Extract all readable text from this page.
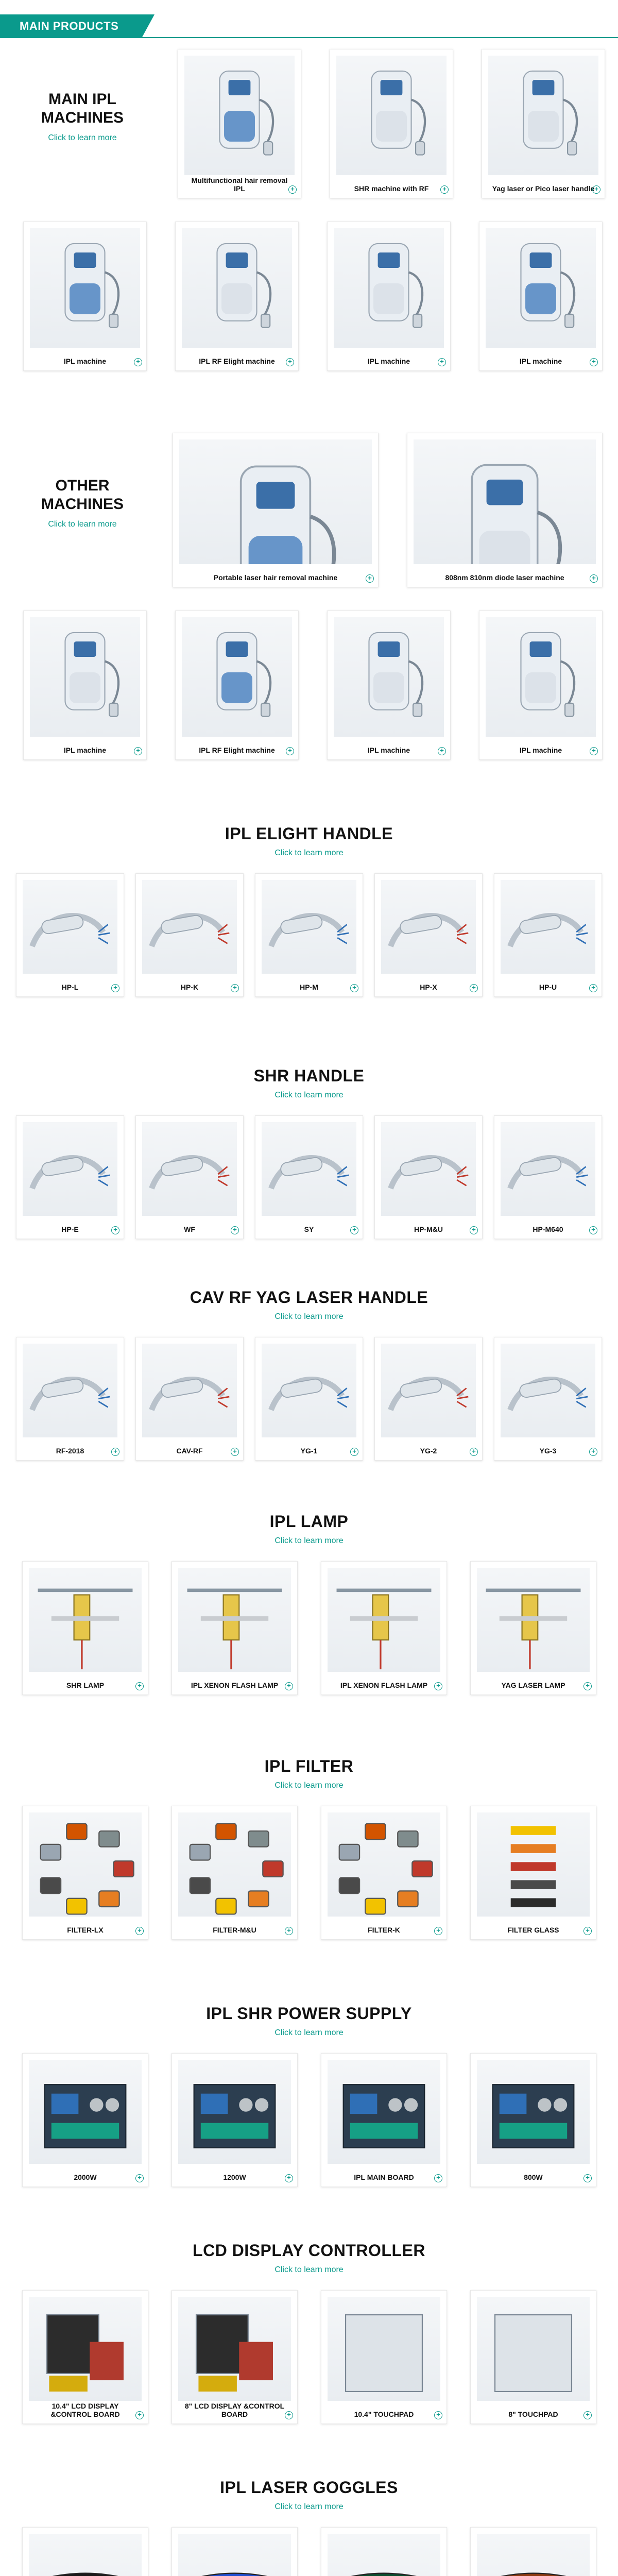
MAIN PRODUCTS
MAIN IPL
MACHINES
Click to learn more
Multifunctional hair removal IPL	+	SHR machine with RF	+	Yag laser or Pico laser handle +
IPL machine	+	IPL RF Elight machine	+	IPL machine	+	IPL machine	+
OTHER
MACHINES
Click to learn more
Portable laser hair removal machine	+	808nm 810nm diode laser machine	+
IPL machine	+	IPL RF Elight machine	+	IPL machine	+	IPL machine	+
IPL ELIGHT HANDLE
Click to learn more
HP-L	+	HP-K	+	HP-M	+	HP-X	+	HP-U	+
SHR HANDLE
Click to learn more
HP-E	+	WF	+	SY	+	HP-M&U	+	HP-M640	+
CAV RF YAG LASER HANDLE
Click to learn more
RF-2018	+	CAV-RF	+	YG-1	+	YG-2	+	YG-3	+
IPL LAMP
Click to learn more
SHR LAMP	+	IPL XENON FLASH LAMP	+	IPL XENON FLASH LAMP	+	YAG LASER LAMP	+
IPL FILTER
Click to learn more
FILTER-LX	+	FILTER-M&U	+	FILTER-K	+	FILTER GLASS	+
IPL SHR POWER SUPPLY
Click to learn more
2000W	+	1200W	+	IPL MAIN BOARD	+	800W	+
LCD DISPLAY CONTROLLER
Click to learn more
10.4" LCD DISPLAY &CONTROL BOARD	+
8" LCD DISPLAY &CONTROL BOARD	+	10.4" TOUCHPAD	+	8" TOUCHPAD	+
IPL LASER GOGGLES
Click to learn more
